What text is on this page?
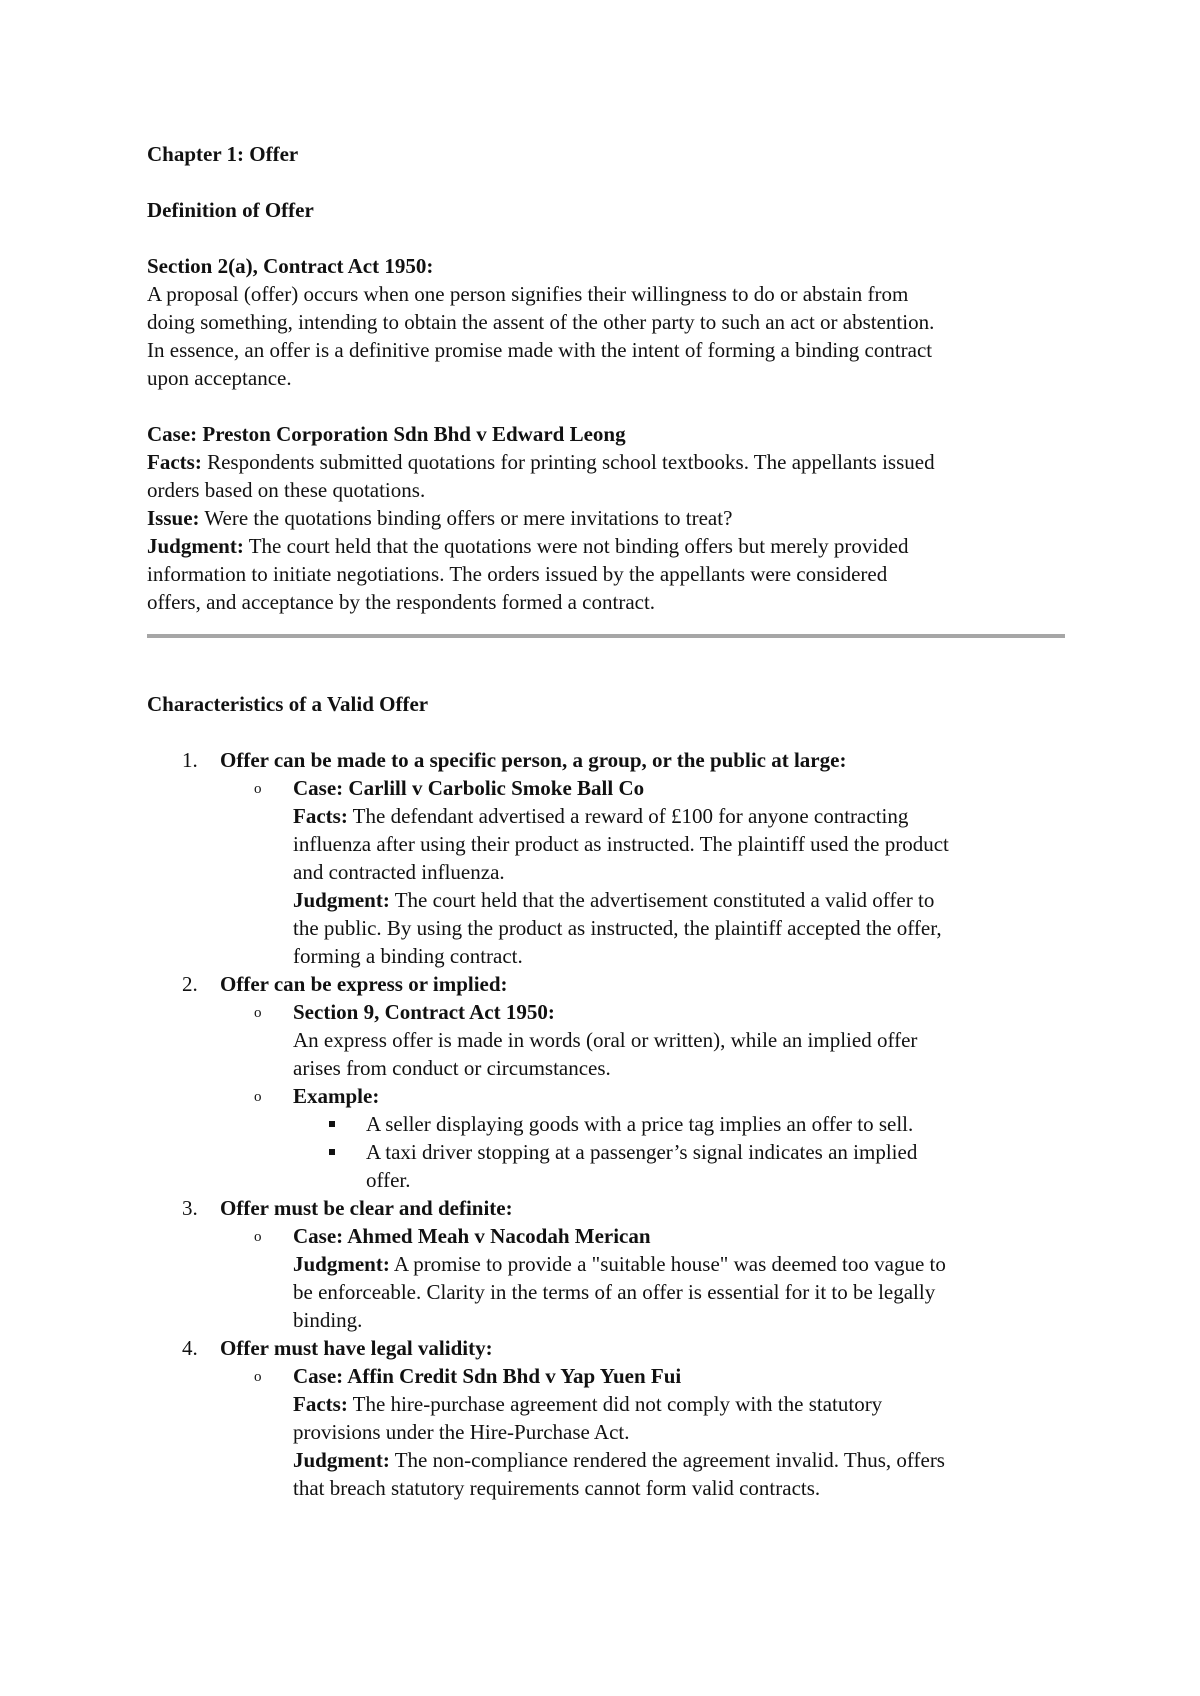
Chapter 1: Offer

Definition of Offer

Section 2(a), Contract Act 1950:

A proposal (offer) occurs when one person signifies their willingness to do or abstain from

doing something, intending to obtain the assent of the other party to such an act or abstention.

In essence, an offer is a definitive promise made with the intent of forming a binding contract

upon acceptance.

Case: Preston Corporation Sdn Bhd v Edward Leong

Facts: Respondents submitted quotations for printing school textbooks. The appellants issued

orders based on these quotations.

Issue: Were the quotations binding offers or mere invitations to treat?

Judgment: The court held that the quotations were not binding offers but merely provided

information to initiate negotiations. The orders issued by the appellants were considered

offers, and acceptance by the respondents formed a contract.

Characteristics of a Valid Offer

1.	Offer can be made to a specific person, a group, or the public at large:

o Case: Carlill v Carbolic Smoke Ball Co

Facts: The defendant advertised a reward of £100 for anyone contracting

influenza after using their product as instructed. The plaintiff used the product

and contracted influenza.

Judgment: The court held that the advertisement constituted a valid offer to

the public. By using the product as instructed, the plaintiff accepted the offer,

forming a binding contract.

2.	Offer can be express or implied:

o Section 9, Contract Act 1950:

An express offer is made in words (oral or written), while an implied offer

arises from conduct or circumstances.

o Example:

A seller displaying goods with a price tag implies an offer to sell.

A taxi driver stopping at a passenger’s signal indicates an implied

offer.

3.	Offer must be clear and definite:

o Case: Ahmed Meah v Nacodah Merican

Judgment: A promise to provide a "suitable house" was deemed too vague to

be enforceable. Clarity in the terms of an offer is essential for it to be legally

binding.

4.	Offer must have legal validity:

o Case: Affin Credit Sdn Bhd v Yap Yuen Fui

Facts: The hire-purchase agreement did not comply with the statutory

provisions under the Hire-Purchase Act.

Judgment: The non-compliance rendered the agreement invalid. Thus, offers

that breach statutory requirements cannot form valid contracts.
